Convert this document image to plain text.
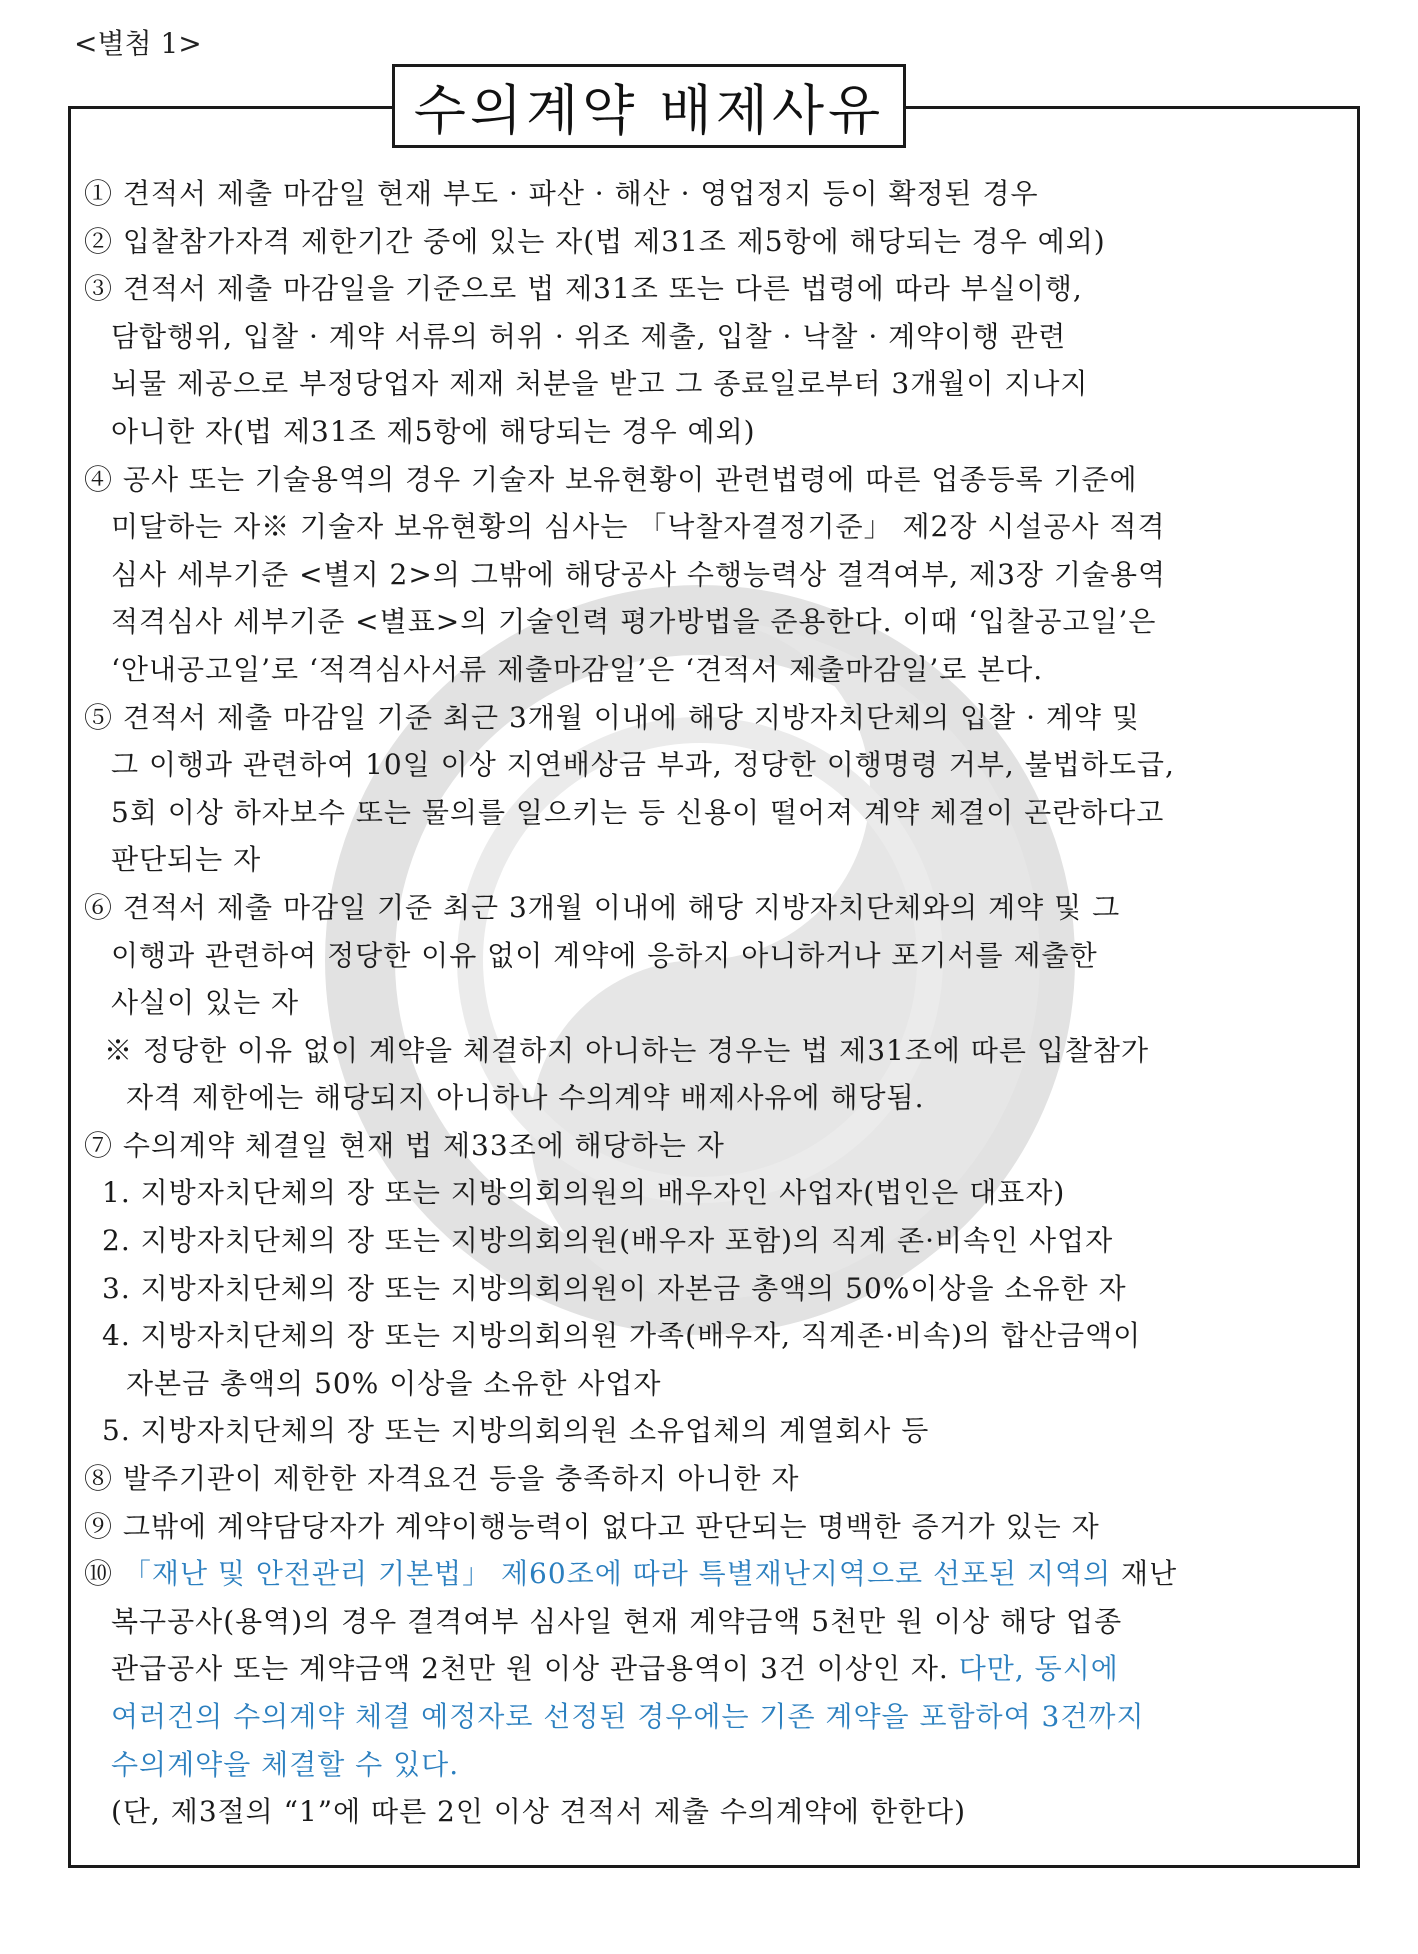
<별첨 1>
수의계약 배제사유
① 견적서 제출 마감일 현재 부도 · 파산 · 해산 · 영업정지 등이 확정된 경우
② 입찰참가자격 제한기간 중에 있는 자(법 제31조 제5항에 해당되는 경우 예외)
③ 견적서 제출 마감일을 기준으로 법 제31조 또는 다른 법령에 따라 부실이행,
담합행위, 입찰 · 계약 서류의 허위 · 위조 제출, 입찰 · 낙찰 · 계약이행 관련
뇌물 제공으로 부정당업자 제재 처분을 받고 그 종료일로부터 3개월이 지나지
아니한 자(법 제31조 제5항에 해당되는 경우 예외)
④ 공사 또는 기술용역의 경우 기술자 보유현황이 관련법령에 따른 업종등록 기준에
미달하는 자※ 기술자 보유현황의 심사는 「낙찰자결정기준」 제2장 시설공사 적격
심사 세부기준 <별지 2>의 그밖에 해당공사 수행능력상 결격여부, 제3장 기술용역
적격심사 세부기준 <별표>의 기술인력 평가방법을 준용한다. 이때 ‘입찰공고일’은
‘안내공고일’로 ‘적격심사서류 제출마감일’은 ‘견적서 제출마감일’로 본다.
⑤ 견적서 제출 마감일 기준 최근 3개월 이내에 해당 지방자치단체의 입찰 · 계약 및
그 이행과 관련하여 10일 이상 지연배상금 부과, 정당한 이행명령 거부, 불법하도급,
5회 이상 하자보수 또는 물의를 일으키는 등 신용이 떨어져 계약 체결이 곤란하다고
판단되는 자
⑥ 견적서 제출 마감일 기준 최근 3개월 이내에 해당 지방자치단체와의 계약 및 그
이행과 관련하여 정당한 이유 없이 계약에 응하지 아니하거나 포기서를 제출한
사실이 있는 자
※ 정당한 이유 없이 계약을 체결하지 아니하는 경우는 법 제31조에 따른 입찰참가
자격 제한에는 해당되지 아니하나 수의계약 배제사유에 해당됨.
⑦ 수의계약 체결일 현재 법 제33조에 해당하는 자
1. 지방자치단체의 장 또는 지방의회의원의 배우자인 사업자(법인은 대표자)
2. 지방자치단체의 장 또는 지방의회의원(배우자 포함)의 직계 존·비속인 사업자
3. 지방자치단체의 장 또는 지방의회의원이 자본금 총액의 50%이상을 소유한 자
4. 지방자치단체의 장 또는 지방의회의원 가족(배우자, 직계존·비속)의 합산금액이
자본금 총액의 50% 이상을 소유한 사업자
5. 지방자치단체의 장 또는 지방의회의원 소유업체의 계열회사 등
⑧ 발주기관이 제한한 자격요건 등을 충족하지 아니한 자
⑨ 그밖에 계약담당자가 계약이행능력이 없다고 판단되는 명백한 증거가 있는 자
⑩ 「재난 및 안전관리 기본법」 제60조에 따라 특별재난지역으로 선포된 지역의 재난
복구공사(용역)의 경우 결격여부 심사일 현재 계약금액 5천만 원 이상 해당 업종
관급공사 또는 계약금액 2천만 원 이상 관급용역이 3건 이상인 자. 다만, 동시에
여러건의 수의계약 체결 예정자로 선정된 경우에는 기존 계약을 포함하여 3건까지
수의계약을 체결할 수 있다.
(단, 제3절의 “1”에 따른 2인 이상 견적서 제출 수의계약에 한한다)
